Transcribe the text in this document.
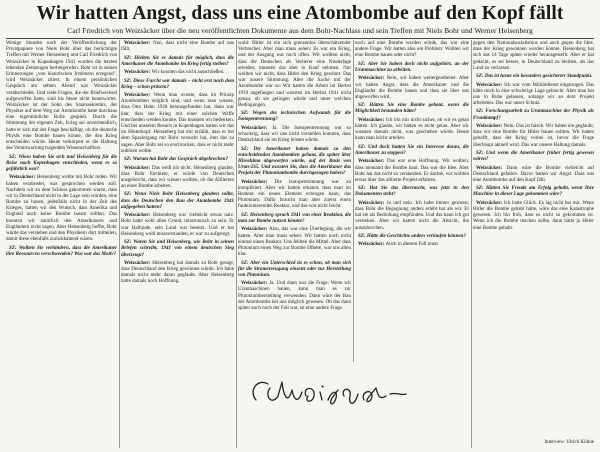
Wir hatten Angst, dass uns eine Atombombe auf den Kopf fällt
Carl Friedrich von Weizsäcker über die neu veröffentlichten Dokumente aus dem Bohr-Nachlass und sein Treffen mit Niels Bohr und Werner Heisenberg

Wenige Stunden nach der Veröffentlichung der Privatpapiere von Niels Bohr über das berüchtigte Treffen mit Werner Heisenberg und Carl Friedrich von Weizsäcker in Kopenhagen 1941 wurden die letzten lebenden Zeitzeugen herbeigerufen. Bohr ist in seinen Erinnerungen „von historischen Irrtümern erregend", wird Weizsäcker zitiert. In einem persönlichen Gespräch am selben Abend war Weizsäcker verabschiedet. Und viele Fragen, die der Briefwechsel aufgeworfen hatte, sind bis heute nicht beantwortet. Weizsäcker ist der Sohn des Staatssekretärs, der Physiker auf dem Weg zur Atombombe hatte durchaus eine eigentümliche Rolle gespielt. Durch die Stimmung der eigenen Zeit, Krieg sei unvermeidlich, hatte er sich mit der Frage beschäftigt, ob die deutsche Physik eine Bombe bauen könne, die den Krieg entscheiden würde. Heute verkörpert er die Haltung des Verantwortung tragenden Wissenschaftlers.

SZ: Wieso haben Sie sich und Heisenberg für die Reise nach Kopenhagen entschieden, wenn es so gefährlich war?

Weizsäcker: Heisenberg wollte mit Bohr reden. Wir hatten verabredet, was gesprochen werden soll. Nachdem wir zu dem Schluss gekommen waren, dass wir in Deutschland nicht in der Lage sein würden, eine Bombe zu bauen, jedenfalls nicht in der Zeit des Krieges, hatten wir den Wunsch, dass Amerika und England auch keine Bombe bauen sollten. Das konnten wir natürlich den Amerikanern und Engländern nicht sagen. Aber Heisenberg hoffte, Bohr würde das verstehen und den Physikern dort mitteilen, damit diese ebenfalls zurückhaltend wären.

SZ: Wollten Sie verhindern, dass die Amerikaner ihre Ressourcen verschwenden? Was war das Motiv?

Weizsäcker: Nun, dass nicht eine Bombe auf uns fällt.

SZ: Hielten Sie es damals für möglich, dass die Amerikaner die Atombombe im Krieg fertig stellen?

Weizsäcker: Wir konnten das nicht ausschließen.

SZ: Diese Furcht war damals – nicht erst nach dem Krieg – schon präsent?

Weizsäcker: Wenn man wusste, dass im Prinzip Atombomben möglich sind, und wenn man wusste, dass Otto Hahn 1938 herausgefunden hat, dann war klar, dass der Krieg mit einer solchen Waffe entschieden werden konnte. Das mussten wir bedenken. Und bei unserem Besuch in Kopenhagen hatten wir das im Hinterkopf. Heisenberg hat mir erzählt, dass er bei dem Spaziergang mit Bohr versucht hat, ihm das zu sagen. Aber Bohr sei so erschrocken, dass er nicht mehr zuhören wollte.

SZ: Warum hat Bohr das Gespräch abgebrochen?

Weizsäcker: Das weiß ich nicht. Heisenberg glaubte, dass Bohr fürchtete, er würde von Deutschen ausgehorcht, dass wir wissen wollten, ob die Alliierten an einer Bombe arbeiten.

SZ: Wenn Niels Bohr Heisenberg glauben sollte, dass die Deutschen den Bau der Atombombe 1941 aufgegeben hatten?

Weizsäcker: Heisenberg war vielleicht etwas naiv. Bohr hatte wohl allen Grund, misstrauisch zu sein. Er war Halbjude, sein Land war besetzt. Und er hat Heisenberg wohl missverstanden, er war zu aufgeregt.

SZ: Waren Sie und Heisenberg, wie Bohr in seinen Briefen schreibt, 1941 von einem deutschen Sieg überzeugt?

Weizsäcker: Heisenberg hat damals zu Bohr gesagt, dass Deutschland den Krieg gewinnen würde. Ich habe damals nicht mehr daran geglaubt. Aber Heisenberg hatte damals noch Hoffnung.

wohl: Hitler ist ein sich grenzenlos überschätzender Verbrecher. Aber man muss sehen: Es war ein Krieg, und der Ausgang war noch offen. Wir wollten nicht, dass die Deutschen als Verlierer eine Niederlage erleiden, mussten das aber in Kauf nehmen. Nur wollten wir nicht, dass Hitler den Krieg gewinnt. Das war unsere Stimmung. Aber die Sache mit der Atombombe war so: Wir hatten die Arbeit im Herbst 1939 angefangen und wussten im Herbst 1941 nicht genau, ob sie gelingen würde und unter welchen Bedingungen.

SZ: Wegen des technischen Aufwands für die Isotopentrennung?

Weizsäcker: Ja. Die Isotopentrennung war so schwierig, dass wir uns nicht vorstellen konnten, dass Deutschland sie im Krieg leisten würde.

SZ: Die Amerikaner haben damals zu den entscheidenden Atombomben gebaut, die später über Hiroshima abgeworfen wurde, auf der Basis von Uran-235. Und wussten Sie, dass die Amerikaner das Projekt der Plutoniumbombe durchgezogen haben?

Weizsäcker: Die Isotopentrennung war zu kompliziert. Aber wir hatten erkannt, dass man im Reaktor ein neues Element erzeugen kann, das Plutonium. Dafür braucht man aber zuerst einen funktionierenden Reaktor, und das war nicht leicht.

SZ: Heisenberg sprach 1941 von einer Reaktion, die man zur Bombe nutzen könnte?

Weizsäcker: Also, das war eine Überlegung, die wir hatten. Aber man muss sehen: Wir hatten noch nicht einmal einen Reaktor. Uns fehlten die Mittel. Aber dass Plutonium einen Weg zur Bombe öffnete, war uns allen klar.

SZ: Aber ein Unterschied ist es schon, ob man sich für die Stromerzeugung einsetzt oder zur Herstellung von Plutonium.

Weizsäcker: Ja. Und dann war die Frage: Wenn wir Uranmaschinen bauen, kann man es zur Plutoniumherstellung verwenden. Dann wäre der Bau der Atombombe bei uns möglich gewesen. Ob das dann später auch noch der Fall war, ist eine andere Frage.

noch auf eine Bombe werden würde, das war eine andere Frage. Wir hatten also ein Problem: Wollten wir eine Bombe bauen oder nicht?

SZ: Aber Sie haben doch nicht aufgehört, an der Uranmaschine zu arbeiten.

Weizsäcker: Nein, wir haben weitergearbeitet. Aber wir hatten Angst, dass die Amerikaner und die Engländer die Bombe bauen und dass sie über uns abgeworfen wird.

SZ: Hätten Sie eine Bombe gebaut, wenn die Möglichkeit bestanden hätte?

Weizsäcker: Ich bin mir nicht sicher, ob wir es getan hätten. Ich glaube, wir hätten es nicht getan. Aber wir wussten damals nicht, was geschehen würde. Heute kann man leicht urteilen.

SZ: Und doch hatten Sie ein Interesse daran, die Amerikaner zu stoppen?

Weizsäcker: Das war eine Hoffnung. Wir wollten, dass niemand die Bombe baut. Das war die Idee. Aber Bohr hat das nicht so verstanden. Er dachte, wir wollten etwas über das alliierte Projekt erfahren.

SZ: Hat Sie das überrascht, was jetzt in den Dokumenten steht?

Weizsäcker: Ja und nein. Ich habe immer gewusst, dass Bohr die Begegnung anders erlebt hat als wir. Er hat sie als Bedrohung empfunden. Und das kann ich gut verstehen. Aber wir hatten nicht die Absicht, ihn auszuhorchen.

SZ: Hätte die Geschichte anders verlaufen können?

Weizsäcker: Auch in diesem Fall muss

gegen den Nationalsozialismus und auch gegen die Idee, dass der Krieg gewonnen werden könnte. Heisenberg hat sich das 14 Tage später wieder herausgestellt. Aber er hat gedacht, es sei besser, in Deutschland zu bleiben, als das Land zu verlassen.

SZ: Das ist heute ein besonders gesicherter Standpunkt.

Weizsäcker: Ich war vom Militärdienst eingezogen. Das hätte mich in eine schwierige Lage gebracht. Aber man hat uns in Ruhe gelassen, solange wir an dem Projekt arbeiteten. Das war unser Schutz.

SZ: Forschungsarbeit zu Uranmaschine der Physik als Frontkampf?

Weizsäcker: Nein. Das ist falsch. Wir haben nie geglaubt, dass wir eine Bombe für Hitler bauen sollten. Wir haben gehofft, dass der Krieg vorbei ist, bevor die Frage überhaupt aktuell wird. Das war unsere Haltung damals.

SZ: Und wenn die Amerikaner früher fertig gewesen wären?

Weizsäcker: Dann wäre die Bombe vielleicht auf Deutschland gefallen. Davor hatten wir Angst. Dass uns eine Atombombe auf den Kopf fällt.

SZ: Hätten Sie Freude am Erfolg gehabt, wenn Ihre Maschine in dieser Lage gekommen wäre?

Weizsäcker: Ich hatte Glück. Es lag nicht bei mir. Wenn Hitler die Bombe gehabt hätte, wäre das eine Katastrophe gewesen. Ich bin froh, dass es nicht so gekommen ist. Wenn ich die Bombe machen sollte, dann hätte ja Hitler eine Bombe gehabt.

Interview: Ulrich Kühne
